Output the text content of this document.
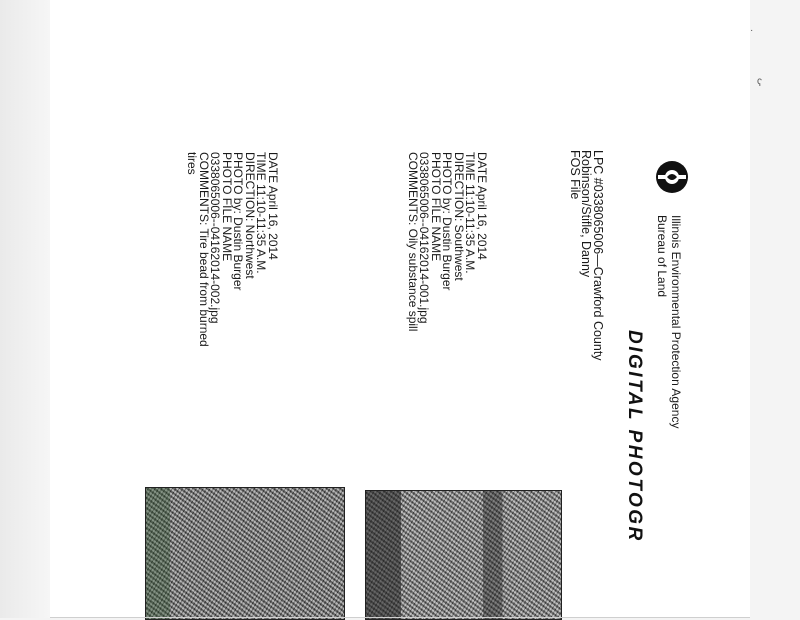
DIGITAL PHOTOGR
Illinois Environmental Protection Agency
Bureau of Land
LPC #0338065006—Crawford County
Robinson/Stifle, Danny
FOS File
DATE April 16, 2014
TIME 11:10-11:35 A.M.
DIRECTION: Southwest
PHOTO by: Dustin Burger
PHOTO FILE NAME
0338065006--04162014-001.jpg
COMMENTS: Oily substance spill
DATE April 16, 2014
TIME 11:10-11:35 A.M.
DIRECTION: Northwest
PHOTO by: Dustin Burger
PHOTO FILE NAME
0338065006--04162014-002.jpg
COMMENTS: Tire bead from burned
tires
·
ʕ
